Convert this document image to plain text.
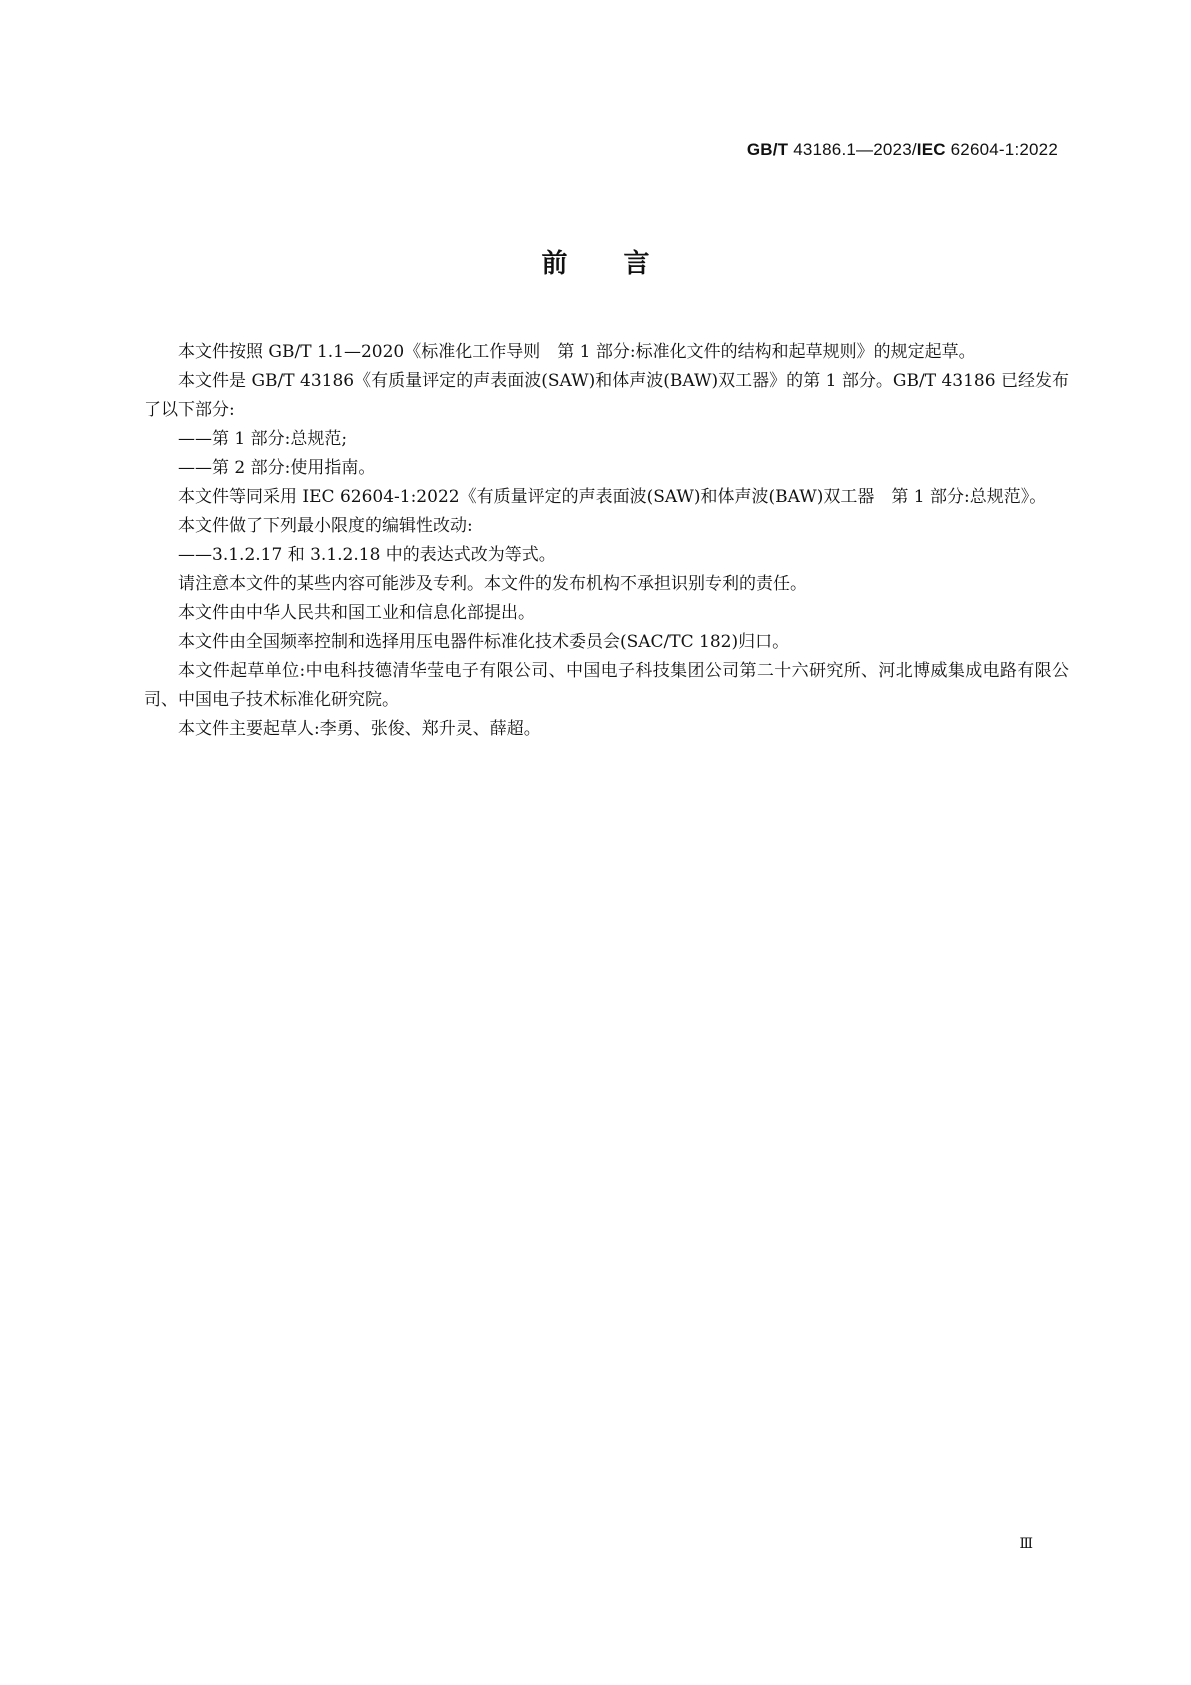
GB/T 43186.1—2023/IEC 62604-1:2022
前言

本文件按照 GB/T 1.1—2020《标准化工作导则　第 1 部分:标准化文件的结构和起草规则》的规定起草。

本文件是 GB/T 43186《有质量评定的声表面波(SAW)和体声波(BAW)双工器》的第 1 部分。GB/T 43186 已经发布了以下部分:

——第 1 部分:总规范;

——第 2 部分:使用指南。

本文件等同采用 IEC 62604-1:2022《有质量评定的声表面波(SAW)和体声波(BAW)双工器　第 1 部分:总规范》。

本文件做了下列最小限度的编辑性改动:

——3.1.2.17 和 3.1.2.18 中的表达式改为等式。

请注意本文件的某些内容可能涉及专利。本文件的发布机构不承担识别专利的责任。

本文件由中华人民共和国工业和信息化部提出。

本文件由全国频率控制和选择用压电器件标准化技术委员会(SAC/TC 182)归口。

本文件起草单位:中电科技德清华莹电子有限公司、中国电子科技集团公司第二十六研究所、河北博威集成电路有限公司、中国电子技术标准化研究院。

本文件主要起草人:李勇、张俊、郑升灵、薛超。

Ⅲ
